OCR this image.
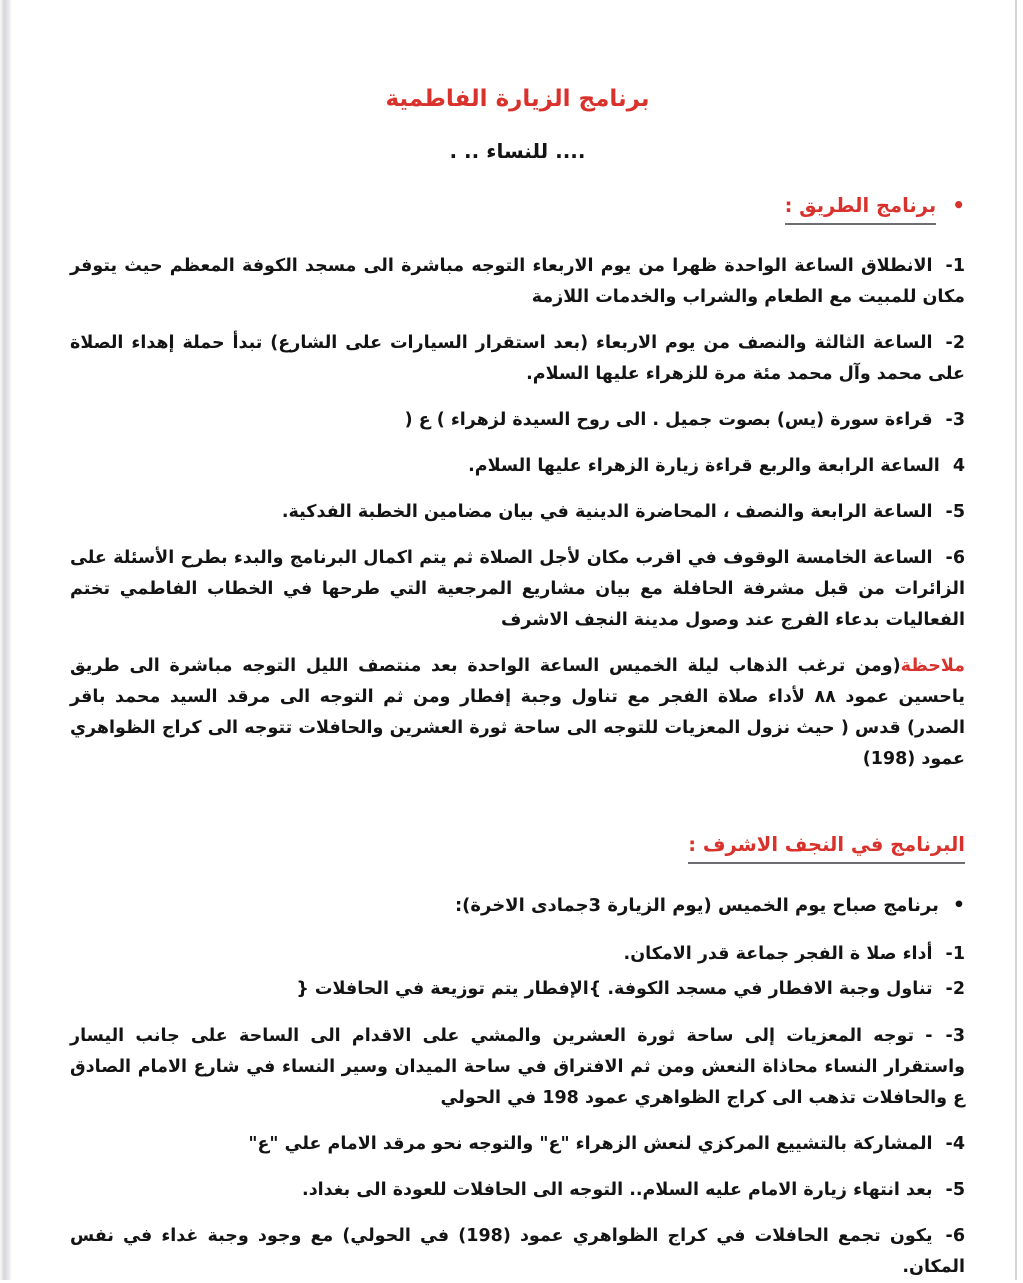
برنامج الزيارة الفاطمية
.... للنساء .. .
•برنامج الطريق :

1-الانطلاق الساعة الواحدة ظهرا من يوم الاربعاء التوجه مباشرة الى مسجد الكوفة المعظم حيث يتوفر مكان للمبيت مع الطعام والشراب والخدمات اللازمة

2-الساعة الثالثة والنصف من يوم الاربعاء (بعد استقرار السيارات على الشارع) تبدأ حملة إهداء الصلاة على محمد وآل محمد مئة مرة للزهراء عليها السلام.

3-قراءة سورة (يس) بصوت جميل . الى روح السيدة لزهراء ) ع (

4الساعة الرابعة والربع قراءة زيارة الزهراء عليها السلام.

5-الساعة الرابعة والنصف ، المحاضرة الدينية في بيان مضامين الخطبة الفدكية.

6-الساعة الخامسة الوقوف في اقرب مكان لأجل الصلاة ثم يتم اكمال البرنامج والبدء بطرح الأسئلة على الزائرات من قبل مشرفة الحافلة مع بيان مشاريع المرجعية التي طرحها في الخطاب الفاطمي تختم الفعاليات بدعاء الفرج عند وصول مدينة النجف الاشرف

ملاحظة(ومن ترغب الذهاب ليلة الخميس الساعة الواحدة بعد منتصف الليل التوجه مباشرة الى طريق ياحسين عمود ٨٨ لأداء صلاة الفجر مع تناول وجبة إفطار ومن ثم التوجه الى مرقد السيد محمد باقر الصدر) قدس ( حيث نزول المعزيات للتوجه الى ساحة ثورة العشرين والحافلات تتوجه الى كراج الظواهري عمود (198)

البرنامج في النجف الاشرف :

•برنامج صباح يوم الخميس (يوم الزيارة 3جمادى الاخرة):

1-أداء صلا ة الفجر جماعة قدر الامكان.

2-تناول وجبة الافطار في مسجد الكوفة. }الإفطار يتم توزيعة في الحافلات {

3-- توجه المعزيات إلى ساحة ثورة العشرين والمشي على الاقدام الى الساحة على جانب اليسار واستقرار النساء محاذاة النعش ومن ثم الافتراق في ساحة الميدان وسير النساء في شارع الامام الصادق ع والحافلات تذهب الى كراج الظواهري عمود 198 في الحولي

4-المشاركة بالتشييع المركزي لنعش الزهراء "ع" والتوجه نحو مرقد الامام علي "ع"

5-بعد انتهاء زيارة الامام عليه السلام.. التوجه الى الحافلات للعودة الى بغداد.

6-يكون تجمع الحافلات في كراج الظواهري عمود (198) في الحولي) مع وجود وجبة غداء في نفس المكان.
